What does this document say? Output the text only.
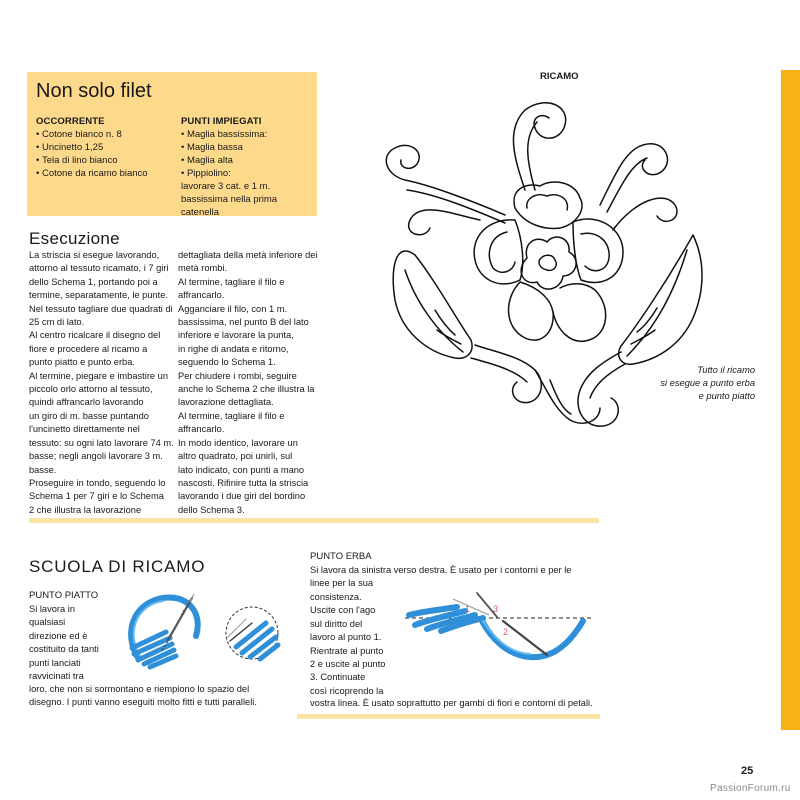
Non solo filet
OCCORRENTE
• Cotone bianco n. 8
• Uncinetto 1,25
• Tela di lino bianco
• Cotone da ricamo bianco
PUNTI IMPIEGATI
• Maglia bassissima:
• Maglia bassa
• Maglia alta
• Pippiolino:
lavorare 3 cat. e 1 m.
bassissima nella prima catenella
Esecuzione

La striscia si esegue lavorando,

attorno al tessuto ricamato, i 7 giri

dello Schema 1, portando poi a

termine, separatamente, le punte.

Nel tessuto tagliare due quadrati di

25 cm di lato.

Al centro ricalcare il disegno del

fiore e procedere al ricamo a

punto piatto e punto erba.

Al termine, piegare e imbastire un

piccolo orlo attorno al tessuto,

quindi affrancarlo lavorando

un giro di m. basse puntando

l'uncinetto direttamente nel

tessuto: su ogni lato lavorare 74 m.

basse; negli angoli lavorare 3 m.

basse.

Proseguire in tondo, seguendo lo

Schema 1 per 7 giri e lo Schema

2 che illustra la lavorazione

dettagliata della metà inferiore dei

metà rombi.

Al termine, tagliare il filo e

affrancarlo.

Agganciare il filo, con 1 m.

bassissima, nel punto B del lato

inferiore e lavorare la punta,

in righe di andata e ritorno,

seguendo lo Schema 1.

Per chiudere i rombi, seguire

anche lo Schema 2 che illustra la

lavorazione dettagliata.

Al termine, tagliare il filo e

affrancarlo.

In modo identico, lavorare un

altro quadrato, poi unirli, sul

lato indicato, con punti a mano

nascosti. Rifinire tutta la striscia

lavorando i due giri del bordino

dello Schema 3.

RICAMO
Tutto il ricamo
si esegue a punto erba
e punto piatto
SCUOLA DI RICAMO
PUNTO PIATTO

Si lavora in

qualsiasi

direzione ed è

costituito da tanti

punti lanciati

ravvicinati tra

loro, che non si sormontano e riempiono lo spazio del

disegno. I punti vanno eseguiti molto fitti e tutti paralleli.

PUNTO ERBA

Si lavora da sinistra verso destra. È usato per i contorni e per le

linee per la sua

consistenza.

Uscite con l'ago

sul diritto del

lavoro al punto 1.

Rientrate al punto

2 e uscite al punto

3. Continuate

così ricoprendo la

vostra linea. È usato soprattutto per gambi di fiori e contorni di petali.
1
2
3
25
PassionForum.ru
